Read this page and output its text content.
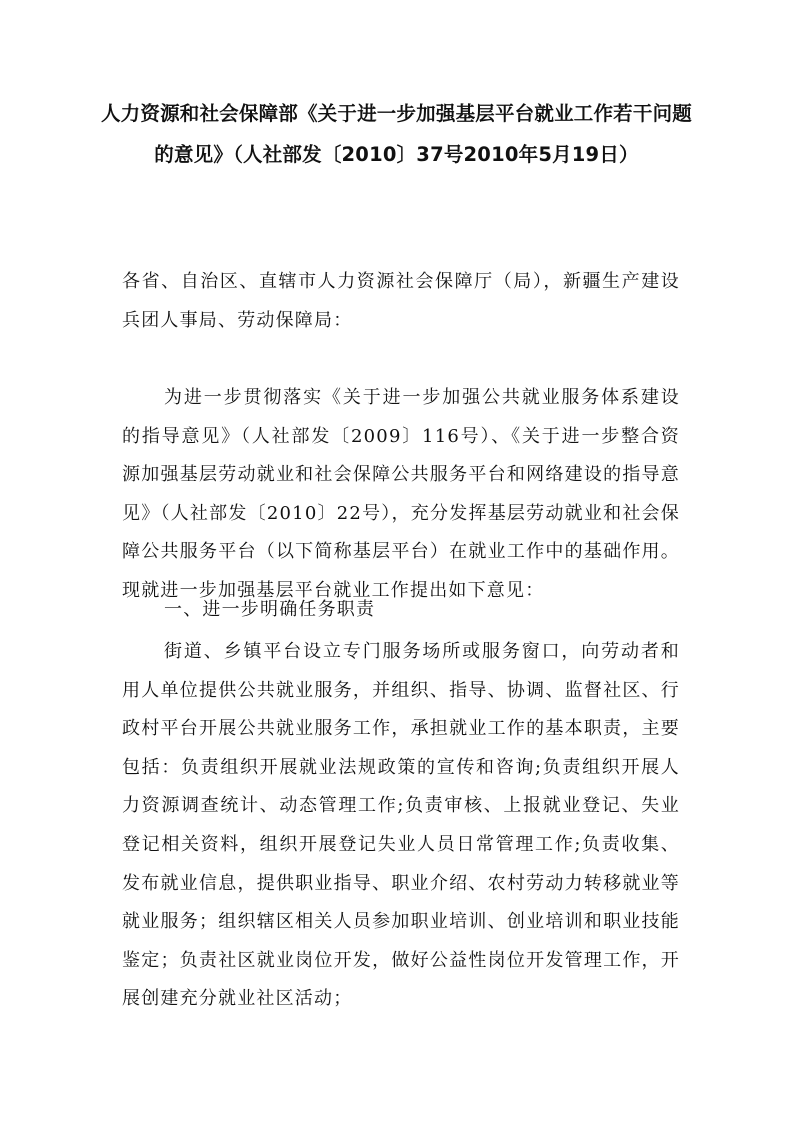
人力资源和社会保障部《关于进一步加强基层平台就业工作若干问题
的意见》（人社部发〔2010〕37号2010年5月19日）

各省、自治区、直辖市人力资源社会保障厅（局），新疆生产建设兵团人事局、劳动保障局：

为进一步贯彻落实《关于进一步加强公共就业服务体系建设的指导意见》（人社部发〔2009〕116号）、《关于进一步整合资源加强基层劳动就业和社会保障公共服务平台和网络建设的指导意见》（人社部发〔2010〕22号），充分发挥基层劳动就业和社会保障公共服务平台（以下简称基层平台）在就业工作中的基础作用。现就进一步加强基层平台就业工作提出如下意见：

一、进一步明确任务职责

街道、乡镇平台设立专门服务场所或服务窗口，向劳动者和用人单位提供公共就业服务，并组织、指导、协调、监督社区、行政村平台开展公共就业服务工作，承担就业工作的基本职责，主要包括：负责组织开展就业法规政策的宣传和咨询;负责组织开展人力资源调查统计、动态管理工作;负责审核、上报就业登记、失业登记相关资料，组织开展登记失业人员日常管理工作;负责收集、发布就业信息，提供职业指导、职业介绍、农村劳动力转移就业等就业服务；组织辖区相关人员参加职业培训、创业培训和职业技能鉴定；负责社区就业岗位开发，做好公益性岗位开发管理工作，开展创建充分就业社区活动；
